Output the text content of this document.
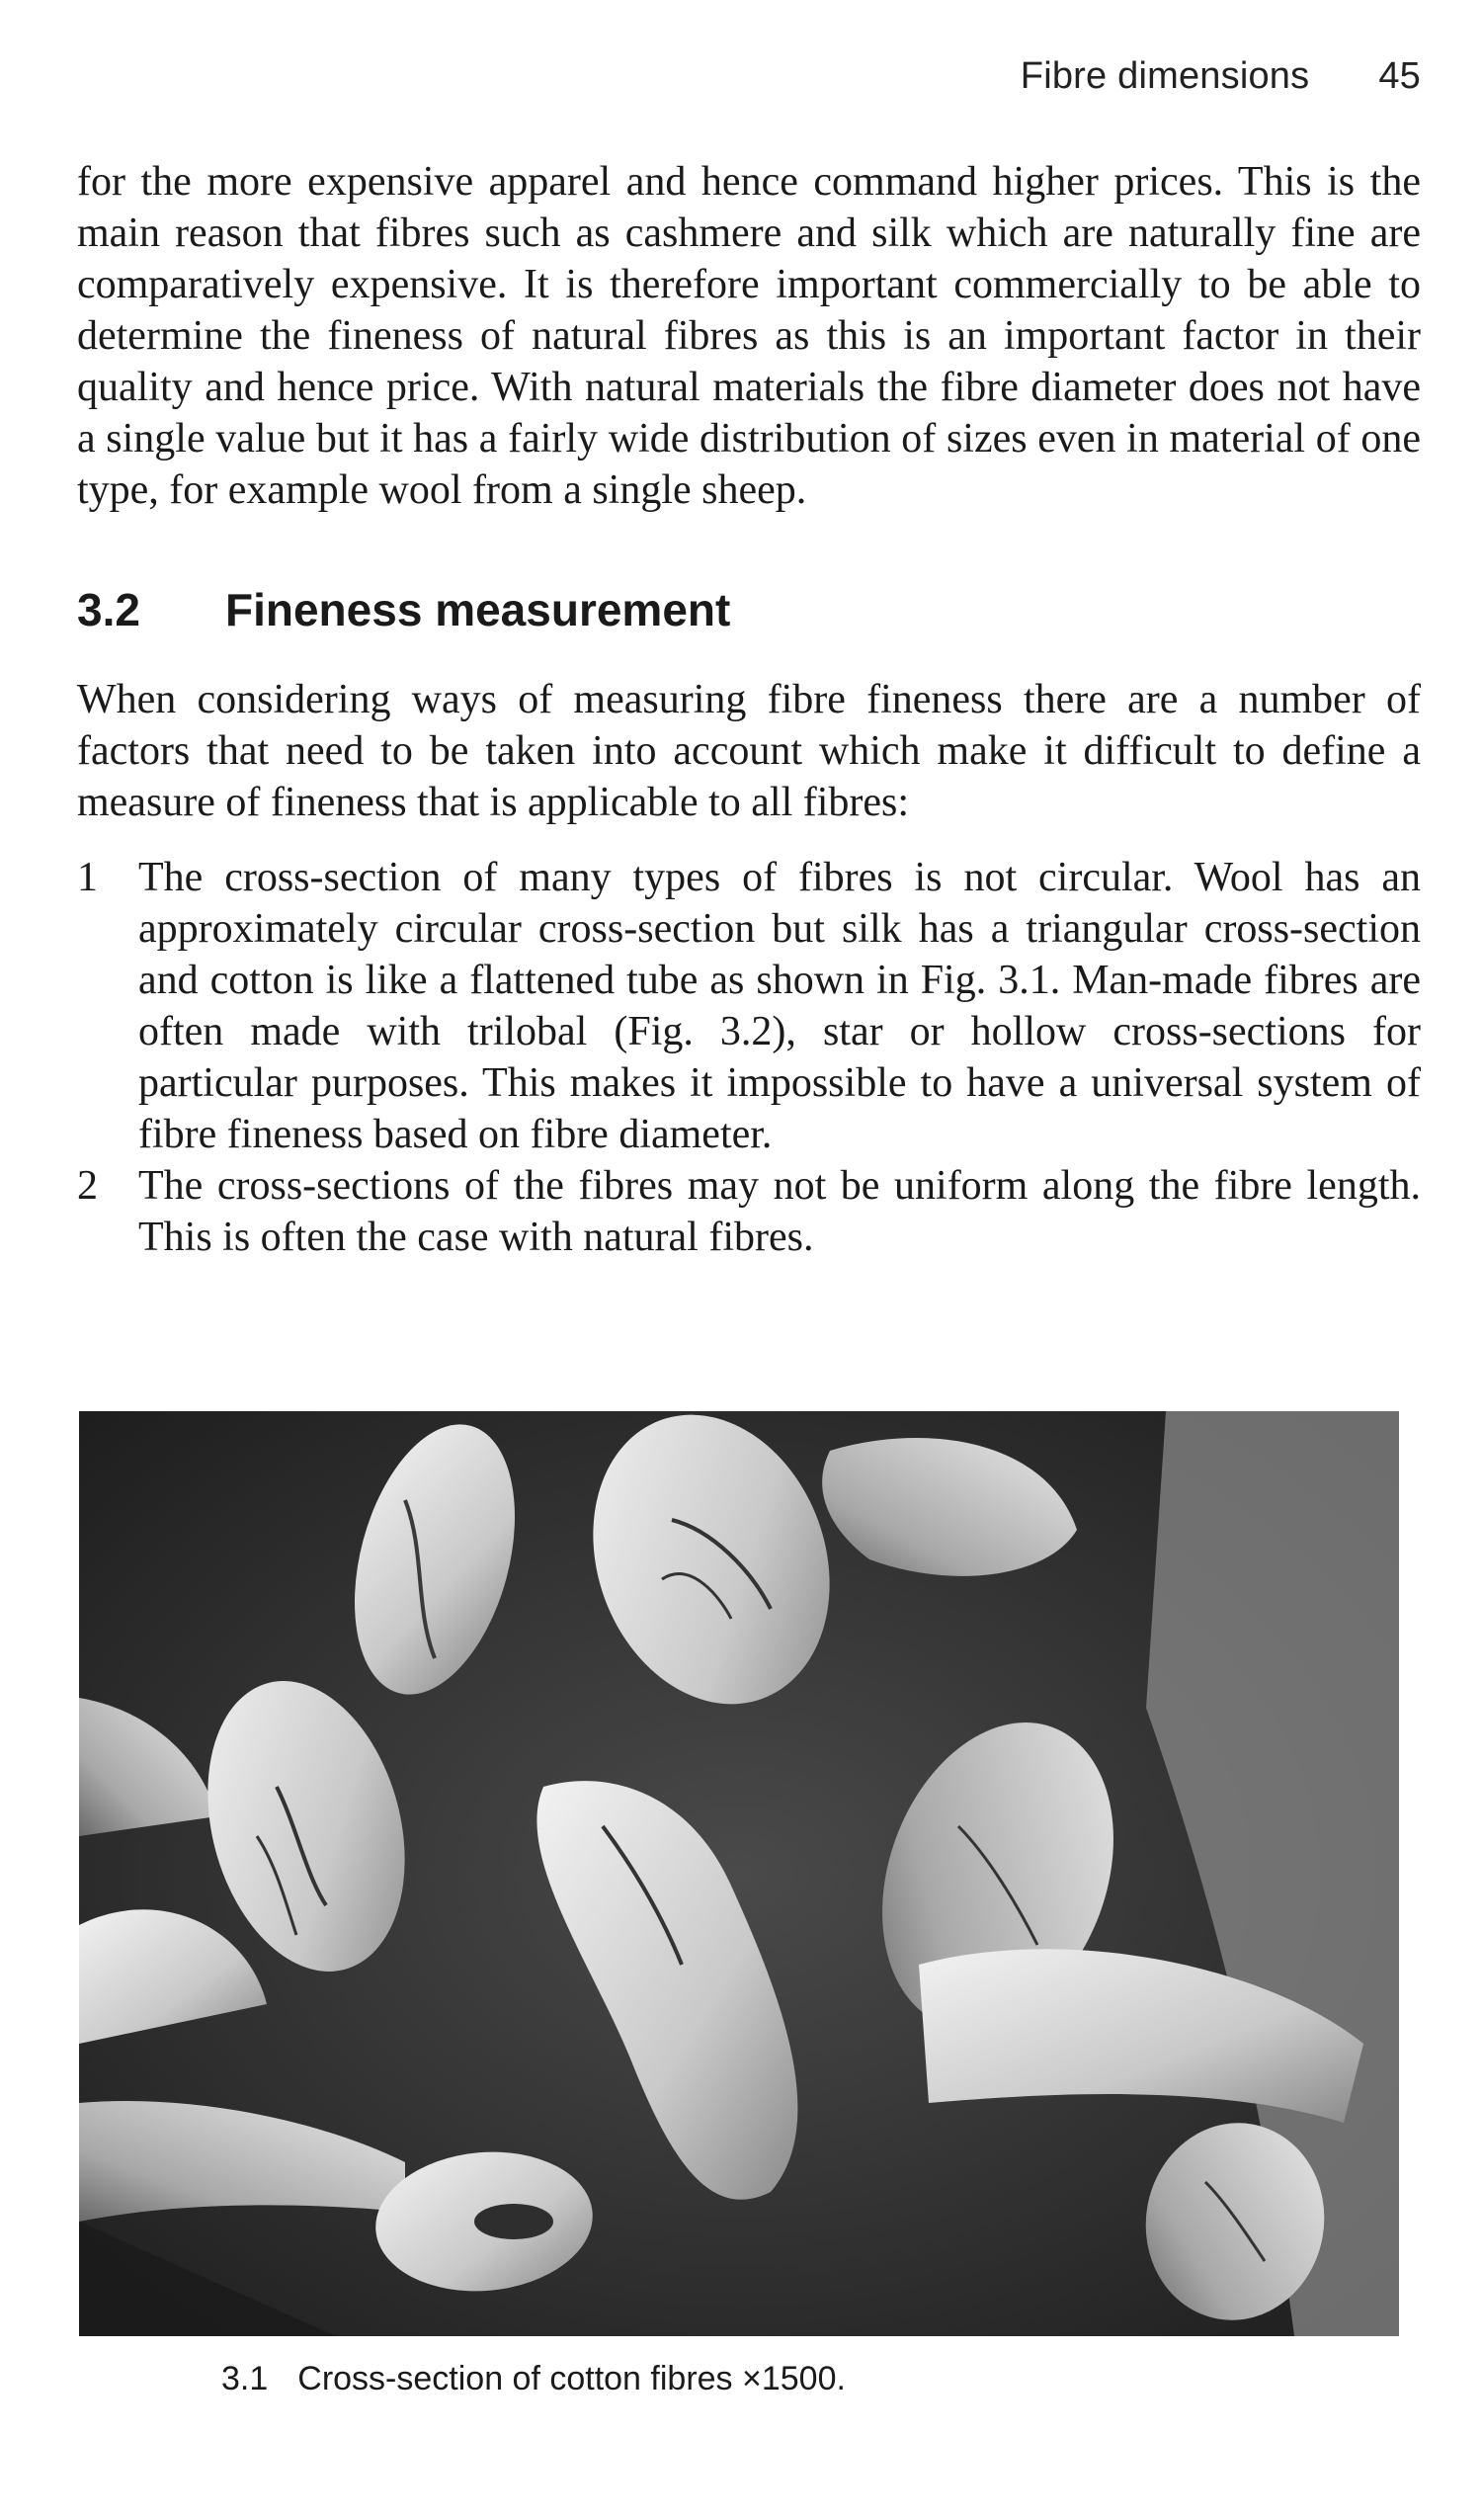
Fibre dimensions 45

for the more expensive apparel and hence command higher prices. This is the main reason that fibres such as cashmere and silk which are naturally fine are comparatively expensive. It is therefore important commercially to be able to determine the fineness of natural fibres as this is an important factor in their quality and hence price. With natural materials the fibre diameter does not have a single value but it has a fairly wide distribution of sizes even in material of one type, for example wool from a single sheep.

3.2	Fineness measurement

When considering ways of measuring fibre fineness there are a number of factors that need to be taken into account which make it difficult to define a measure of fineness that is applicable to all fibres:

1 The cross-section of many types of fibres is not circular. Wool has an approximately circular cross-section but silk has a triangular cross-section and cotton is like a flattened tube as shown in Fig. 3.1. Man-made fibres are often made with trilobal (Fig. 3.2), star or hollow cross-sections for particular purposes. This makes it impossible to have a universal system of fibre fineness based on fibre diameter.
2 The cross-sections of the fibres may not be uniform along the fibre length. This is often the case with natural fibres.
3.1 Cross-section of cotton fibres ×1500.
